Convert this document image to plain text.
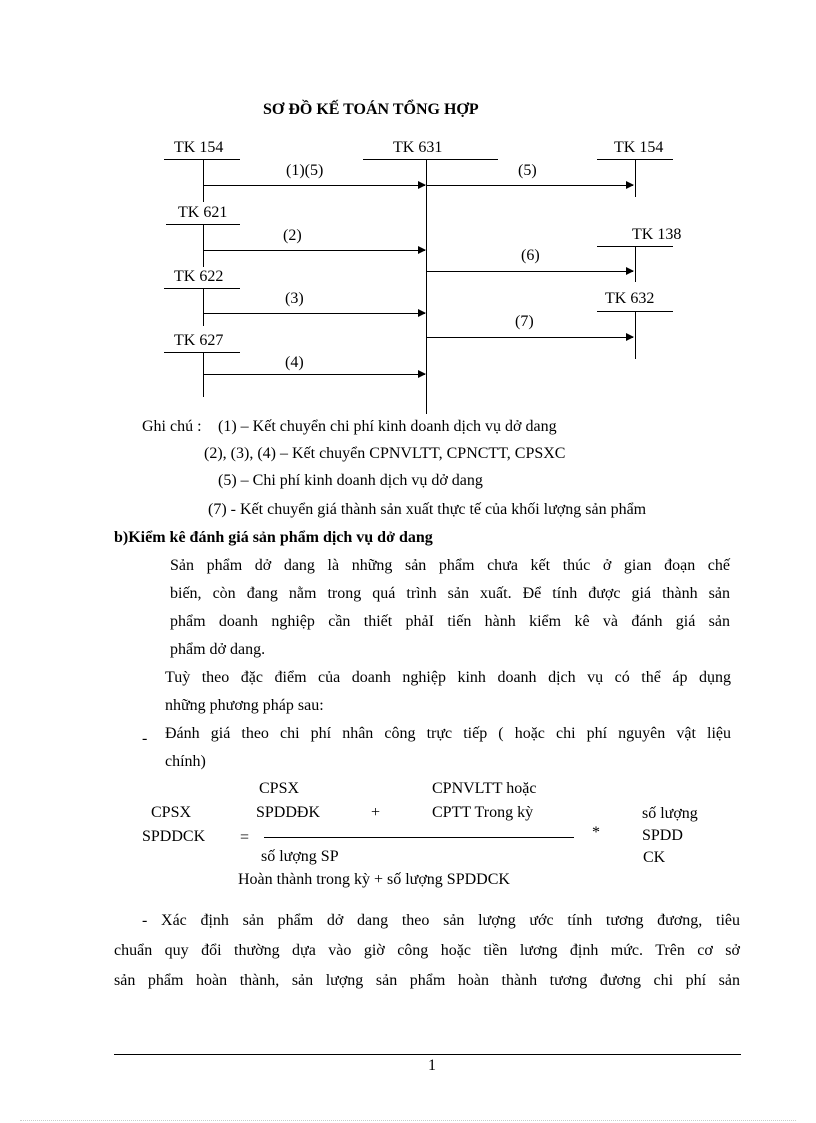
SƠ ĐỒ KẾ TOÁN TỔNG HỢP
TK 154	TK 631	TK 154
(1)(5)	(5)
TK 621
(2)	TK 138
(6)
TK 622
(3)	TK 632
(7)
TK 627
(4)
Ghi chú : (1) – Kết chuyển chi phí kinh doanh dịch vụ dở dang
(2), (3), (4) – Kết chuyển CPNVLTT, CPNCTT, CPSXC
(5) – Chi phí kinh doanh dịch vụ dở dang
(7) - Kết chuyển giá thành sản xuất thực tế của khối lượng sản phẩm
b)Kiểm kê đánh giá sản phẩm dịch vụ dở dang
Sản phẩm dở dang là những sản phẩm chưa kết thúc ở gian đoạn chế
biến, còn đang nằm trong quá trình sản xuất. Để tính được giá thành sản
phẩm doanh nghiệp cần thiết phảI tiến hành kiểm kê và đánh giá sản
phẩm dở dang.
Tuỳ theo đặc điểm của doanh nghiệp kinh doanh dịch vụ có thể áp dụng
những phương pháp sau:
- Đánh giá theo chi phí nhân công trực tiếp ( hoặc chi phí nguyên vật liệu
chính)
CPSX
SPDDCK =
CPSX
SPDDĐK	+
CPNVLTT hoặc
CPTT Trong kỳ
số lượng SP
Hoàn thành trong kỳ + số lượng SPDDCK
*
số lượng
SPDD
CK
- Xác định sản phẩm dở dang theo sản lượng ước tính tương đương, tiêu
chuẩn quy đổi thường dựa vào giờ công hoặc tiền lương định mức. Trên cơ sở
sản phẩm hoàn thành, sản lượng sản phẩm hoàn thành tương đương chi phí sản
1
